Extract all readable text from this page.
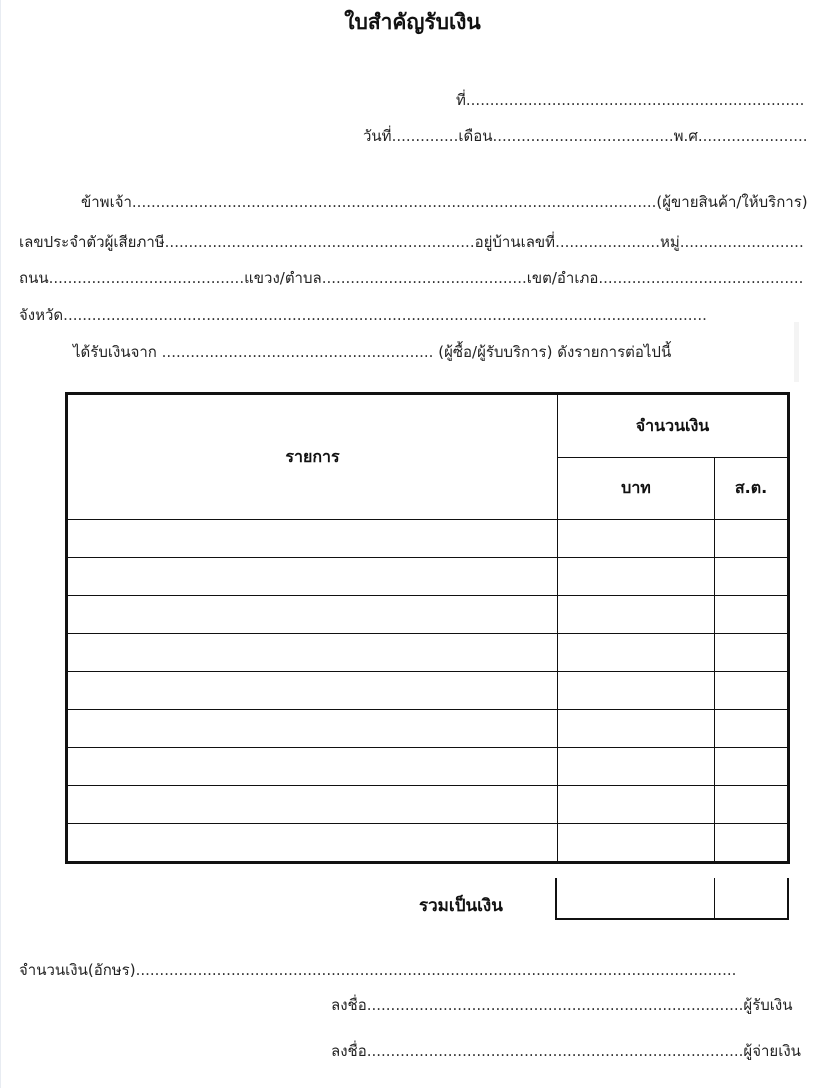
ใบสำคัญรับเงิน
ที่.......................................................................
วันที่..............เดือน......................................พ.ศ.......................
ข้าพเจ้า..............................................................................................................(ผู้ขายสินค้า/ให้บริการ)
เลขประจำตัวผู้เสียภาษี.................................................................อยู่บ้านเลขที่......................หมู่..........................
ถนน.........................................แขวง/ตำบล...........................................เขต/อำเภอ...........................................
จังหวัด.......................................................................................................................................
ได้รับเงินจาก ......................................................... (ผู้ซื้อ/ผู้รับบริการ) ดังรายการต่อไปนี้
รายการ	จำนวนเงิน	
	บาท	ส.ต.

รวมเป็นเงิน

จำนวนเงิน(อักษร)..............................................................................................................................
ลงชื่อ...............................................................................ผู้รับเงิน
ลงชื่อ...............................................................................ผู้จ่ายเงิน
